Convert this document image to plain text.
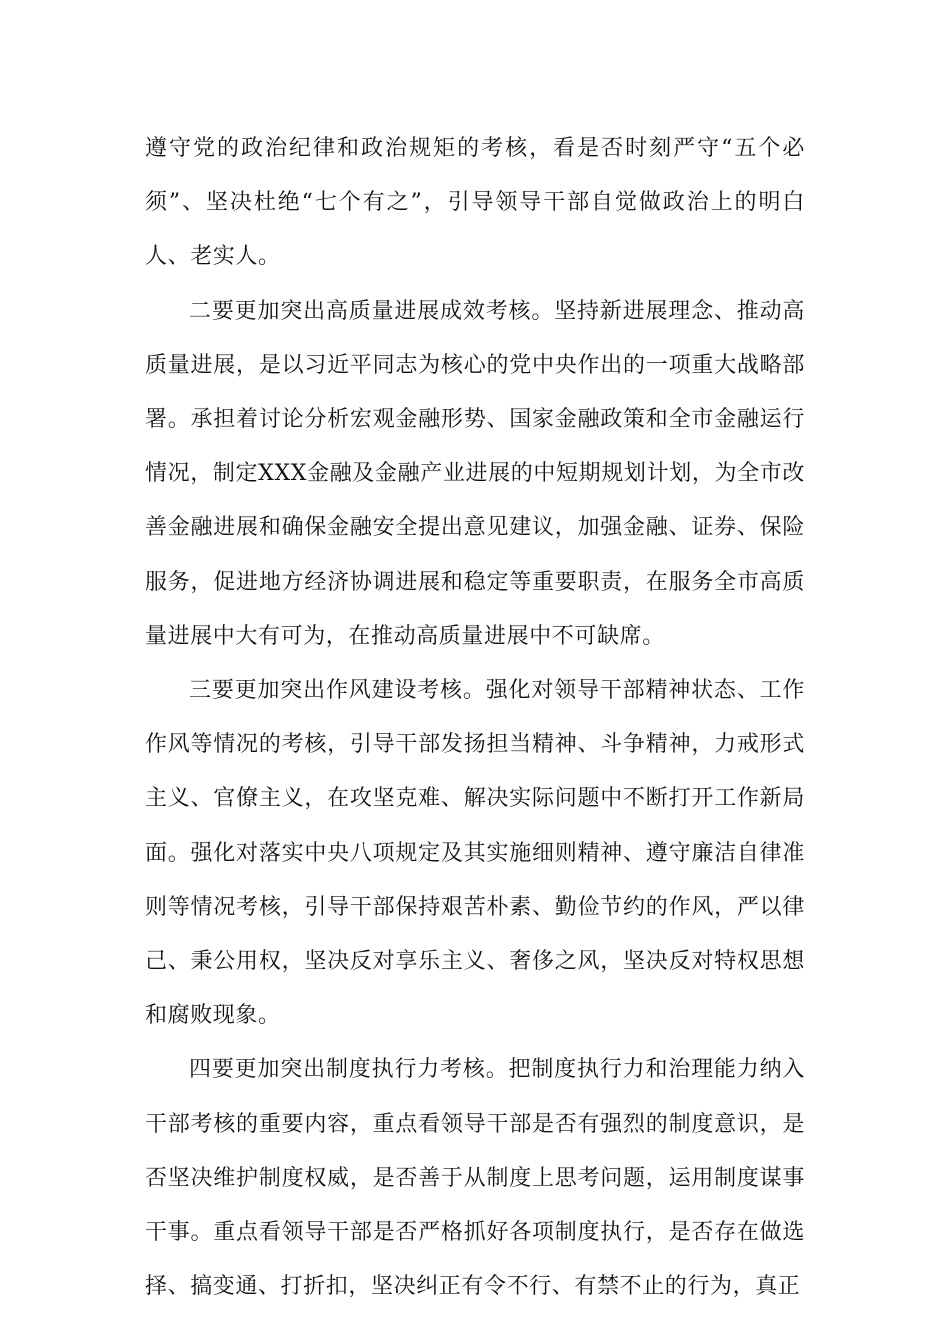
遵守党的政治纪律和政治规矩的考核，看是否时刻严守“五个必须”、坚决杜绝“七个有之”，引导领导干部自觉做政治上的明白人、老实人。

二要更加突出高质量进展成效考核。坚持新进展理念、推动高质量进展，是以习近平同志为核心的党中央作出的一项重大战略部署。承担着讨论分析宏观金融形势、国家金融政策和全市金融运行情况，制定XXX金融及金融产业进展的中短期规划计划，为全市改善金融进展和确保金融安全提出意见建议，加强金融、证券、保险服务，促进地方经济协调进展和稳定等重要职责，在服务全市高质量进展中大有可为，在推动高质量进展中不可缺席。

三要更加突出作风建设考核。强化对领导干部精神状态、工作作风等情况的考核，引导干部发扬担当精神、斗争精神，力戒形式主义、官僚主义，在攻坚克难、解决实际问题中不断打开工作新局面。强化对落实中央八项规定及其实施细则精神、遵守廉洁自律准则等情况考核，引导干部保持艰苦朴素、勤俭节约的作风，严以律己、秉公用权，坚决反对享乐主义、奢侈之风，坚决反对特权思想和腐败现象。

四要更加突出制度执行力考核。把制度执行力和治理能力纳入干部考核的重要内容，重点看领导干部是否有强烈的制度意识，是否坚决维护制度权威，是否善于从制度上思考问题，运用制度谋事干事。重点看领导干部是否严格抓好各项制度执行，是否存在做选择、搞变通、打折扣，坚决纠正有令不行、有禁不止的行为，真正
